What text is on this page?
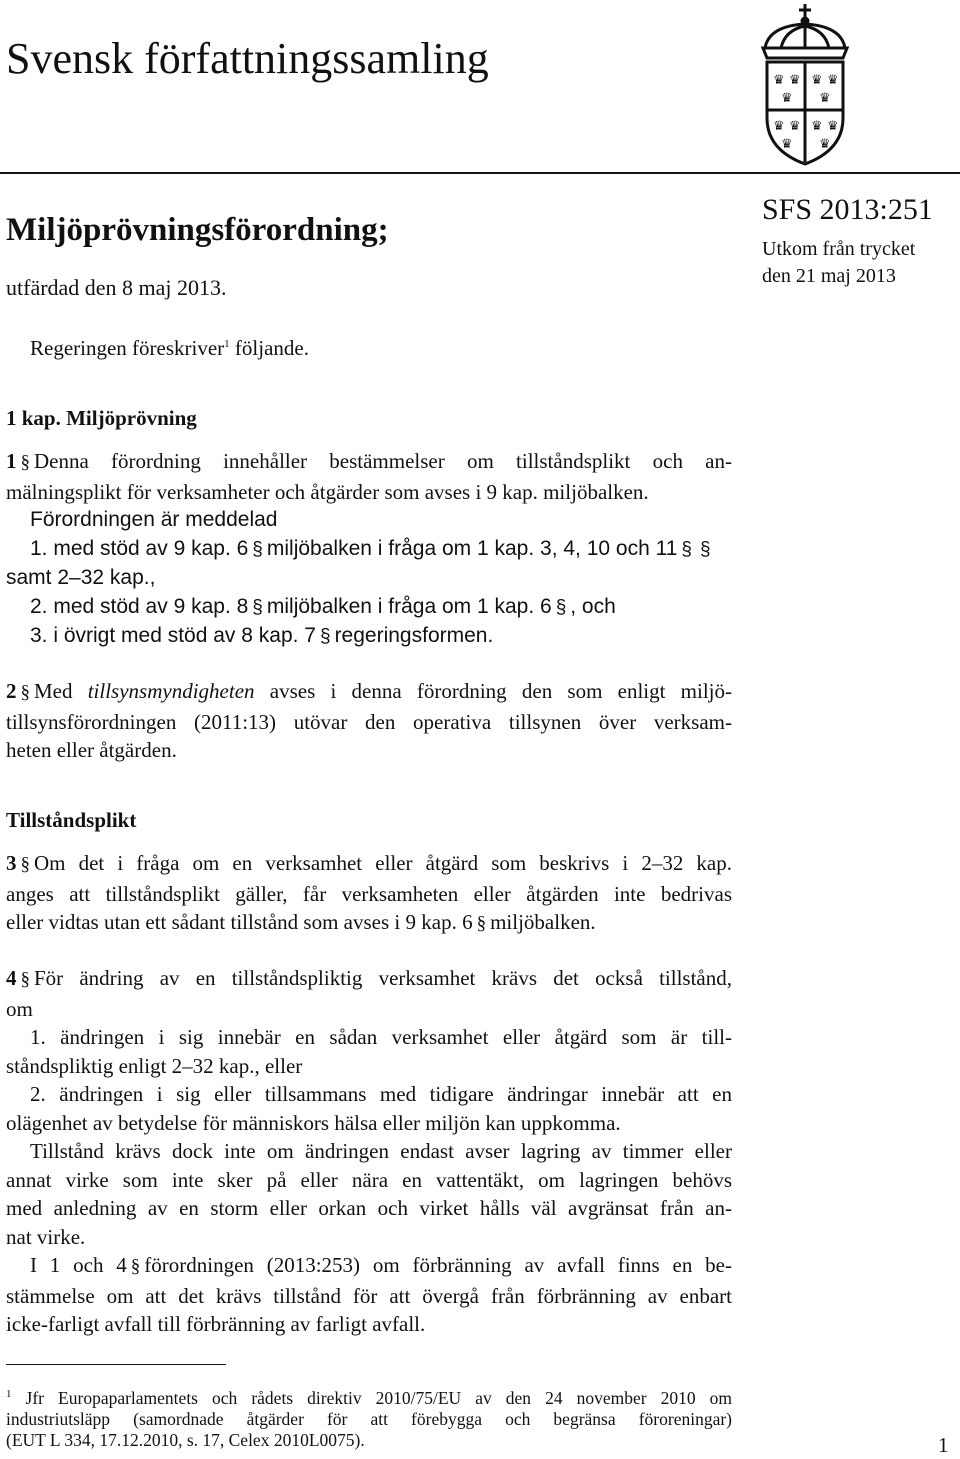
Svensk författningssamling	♛ ♛
♛
♛ ♛
♛
♛ ♛
♛
♛ ♛
♛
Miljöprövningsförordning;
utfärdad den 8 maj 2013.
SFS 2013:251
Utkom från trycket
den 21 maj 2013
Regeringen föreskriver$^1$ följande.
1 kap. Miljöprövning
1 § Denna förordning innehåller bestämmelser om tillståndsplikt och an-
mälningsplikt för verksamheter och åtgärder som avses i 9 kap. miljöbalken.
Förordningen är meddelad
1. med stöd av 9 kap. 6 § miljöbalken i fråga om 1 kap. 3, 4, 10 och 11 § §
samt 2–32 kap.,
2. med stöd av 9 kap. 8 § miljöbalken i fråga om 1 kap. 6 § , och
3. i övrigt med stöd av 8 kap. 7 § regeringsformen.
2 § Med tillsynsmyndigheten avses i denna förordning den som enligt miljö-
tillsynsförordningen (2011:13) utövar den operativa tillsynen över verksam-
heten eller åtgärden.
Tillståndsplikt
3 § Om det i fråga om en verksamhet eller åtgärd som beskrivs i 2–32 kap.
anges att tillståndsplikt gäller, får verksamheten eller åtgärden inte bedrivas
eller vidtas utan ett sådant tillstånd som avses i 9 kap. 6 § miljöbalken.
4 § För ändring av en tillståndspliktig verksamhet krävs det också tillstånd,
om
1. ändringen i sig innebär en sådan verksamhet eller åtgärd som är till-
ståndspliktig enligt 2–32 kap., eller
2. ändringen i sig eller tillsammans med tidigare ändringar innebär att en
olägenhet av betydelse för människors hälsa eller miljön kan uppkomma.
Tillstånd krävs dock inte om ändringen endast avser lagring av timmer eller
annat virke som inte sker på eller nära en vattentäkt, om lagringen behövs
med anledning av en storm eller orkan och virket hålls väl avgränsat från an-
nat virke.
I 1 och 4 § förordningen (2013:253) om förbränning av avfall finns en be-
stämmelse om att det krävs tillstånd för att övergå från förbränning av enbart
icke-farligt avfall till förbränning av farligt avfall.
$^1$ Jfr Europaparlamentets och rådets direktiv 2010/75/EU av den 24 november 2010 om
industriutsläpp (samordnade åtgärder för att förebygga och begränsa föroreningar)
(EUT L 334, 17.12.2010, s. 17, Celex 2010L0075).	1
